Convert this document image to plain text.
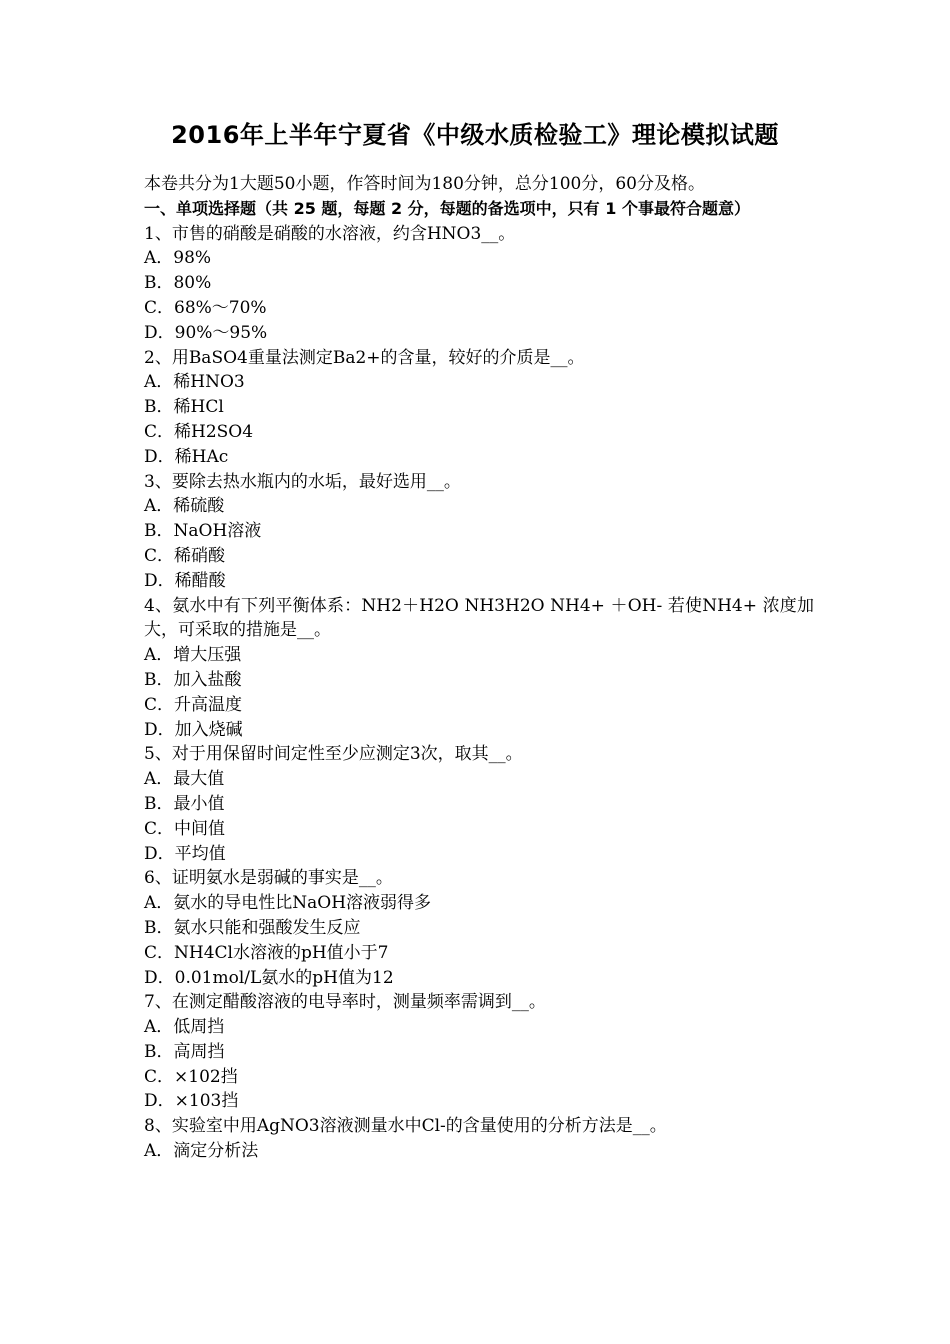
2016年上半年宁夏省《中级水质检验工》理论模拟试题
本卷共分为1大题50小题，作答时间为180分钟，总分100分，60分及格。
一、单项选择题（共 25 题，每题 2 分，每题的备选项中，只有 1 个事最符合题意）
1、市售的硝酸是硝酸的水溶液，约含HNO3__。
A．98%
B．80%
C．68%～70%
D．90%～95%
2、用BaSO4重量法测定Ba2+的含量，较好的介质是__。
A．稀HNO3
B．稀HCl
C．稀H2SO4
D．稀HAc
3、要除去热水瓶内的水垢，最好选用__。
A．稀硫酸
B．NaOH溶液
C．稀硝酸
D．稀醋酸
4、氨水中有下列平衡体系：NH2＋H2O NH3H2O NH4+ ＋OH- 若使NH4+ 浓度加大，可采取的措施是__。
A．增大压强
B．加入盐酸
C．升高温度
D．加入烧碱
5、对于用保留时间定性至少应测定3次，取其__。
A．最大值
B．最小值
C．中间值
D．平均值
6、证明氨水是弱碱的事实是__。
A．氨水的导电性比NaOH溶液弱得多
B．氨水只能和强酸发生反应
C．NH4Cl水溶液的pH值小于7
D．0.01mol/L氨水的pH值为12
7、在测定醋酸溶液的电导率时，测量频率需调到__。
A．低周挡
B．高周挡
C．×102挡
D．×103挡
8、实验室中用AgNO3溶液测量水中Cl-的含量使用的分析方法是__。
A．滴定分析法
